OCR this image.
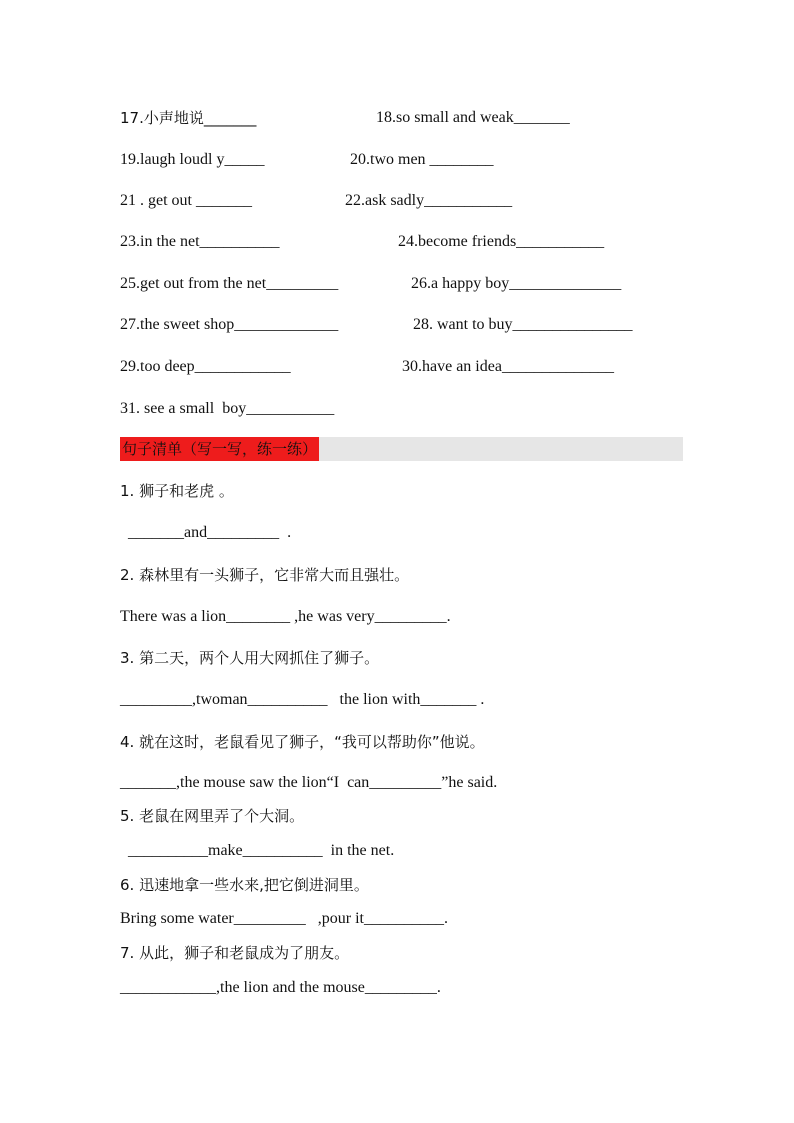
17.小声地说_______	18.so small and weak_______
19.laugh loudl y_____	20.two men ________
21 . get out _______	22.ask sadly___________
23.in the net__________	24.become friends___________
25.get out from the net_________	26.a happy boy______________
27.the sweet shop_____________	28. want to buy_______________
29.too deep____________	30.have an idea______________
31. see a small  boy___________
句子清单（写一写，练一练）
1. 狮子和老虎 。
_______and_________  .
2. 森林里有一头狮子，它非常大而且强壮。
There was a lion________ ,he was very_________.
3. 第二天，两个人用大网抓住了狮子。
_________,twoman__________   the lion with_______ .
4. 就在这时，老鼠看见了狮子，“我可以帮助你”他说。
_______,the mouse saw the lion“I  can_________”he said.
5. 老鼠在网里弄了个大洞。
__________make__________  in the net.
6. 迅速地拿一些水来,把它倒进洞里。
Bring some water_________   ,pour it__________.
7. 从此，狮子和老鼠成为了朋友。
____________,the lion and the mouse_________.
